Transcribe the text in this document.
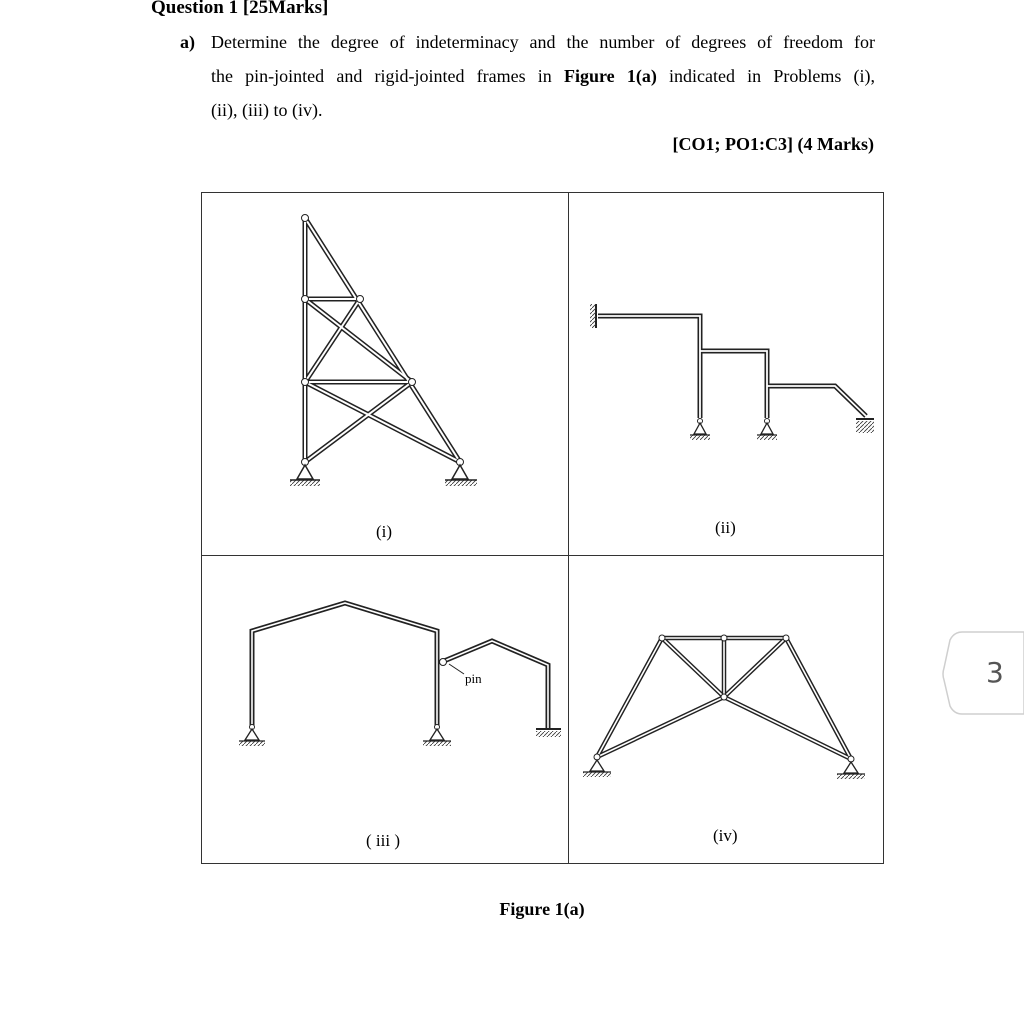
Question 1 [25Marks]
a) Determine the degree of indeterminacy and the number of degrees of freedom for
the pin-jointed and rigid-jointed frames in Figure 1(a) indicated in Problems (i),
(ii), (iii) to (iv).
[CO1; PO1:C3] (4 Marks)
pin
(i)	(ii)
( iii )	(iv)
Figure 1(a)
3
